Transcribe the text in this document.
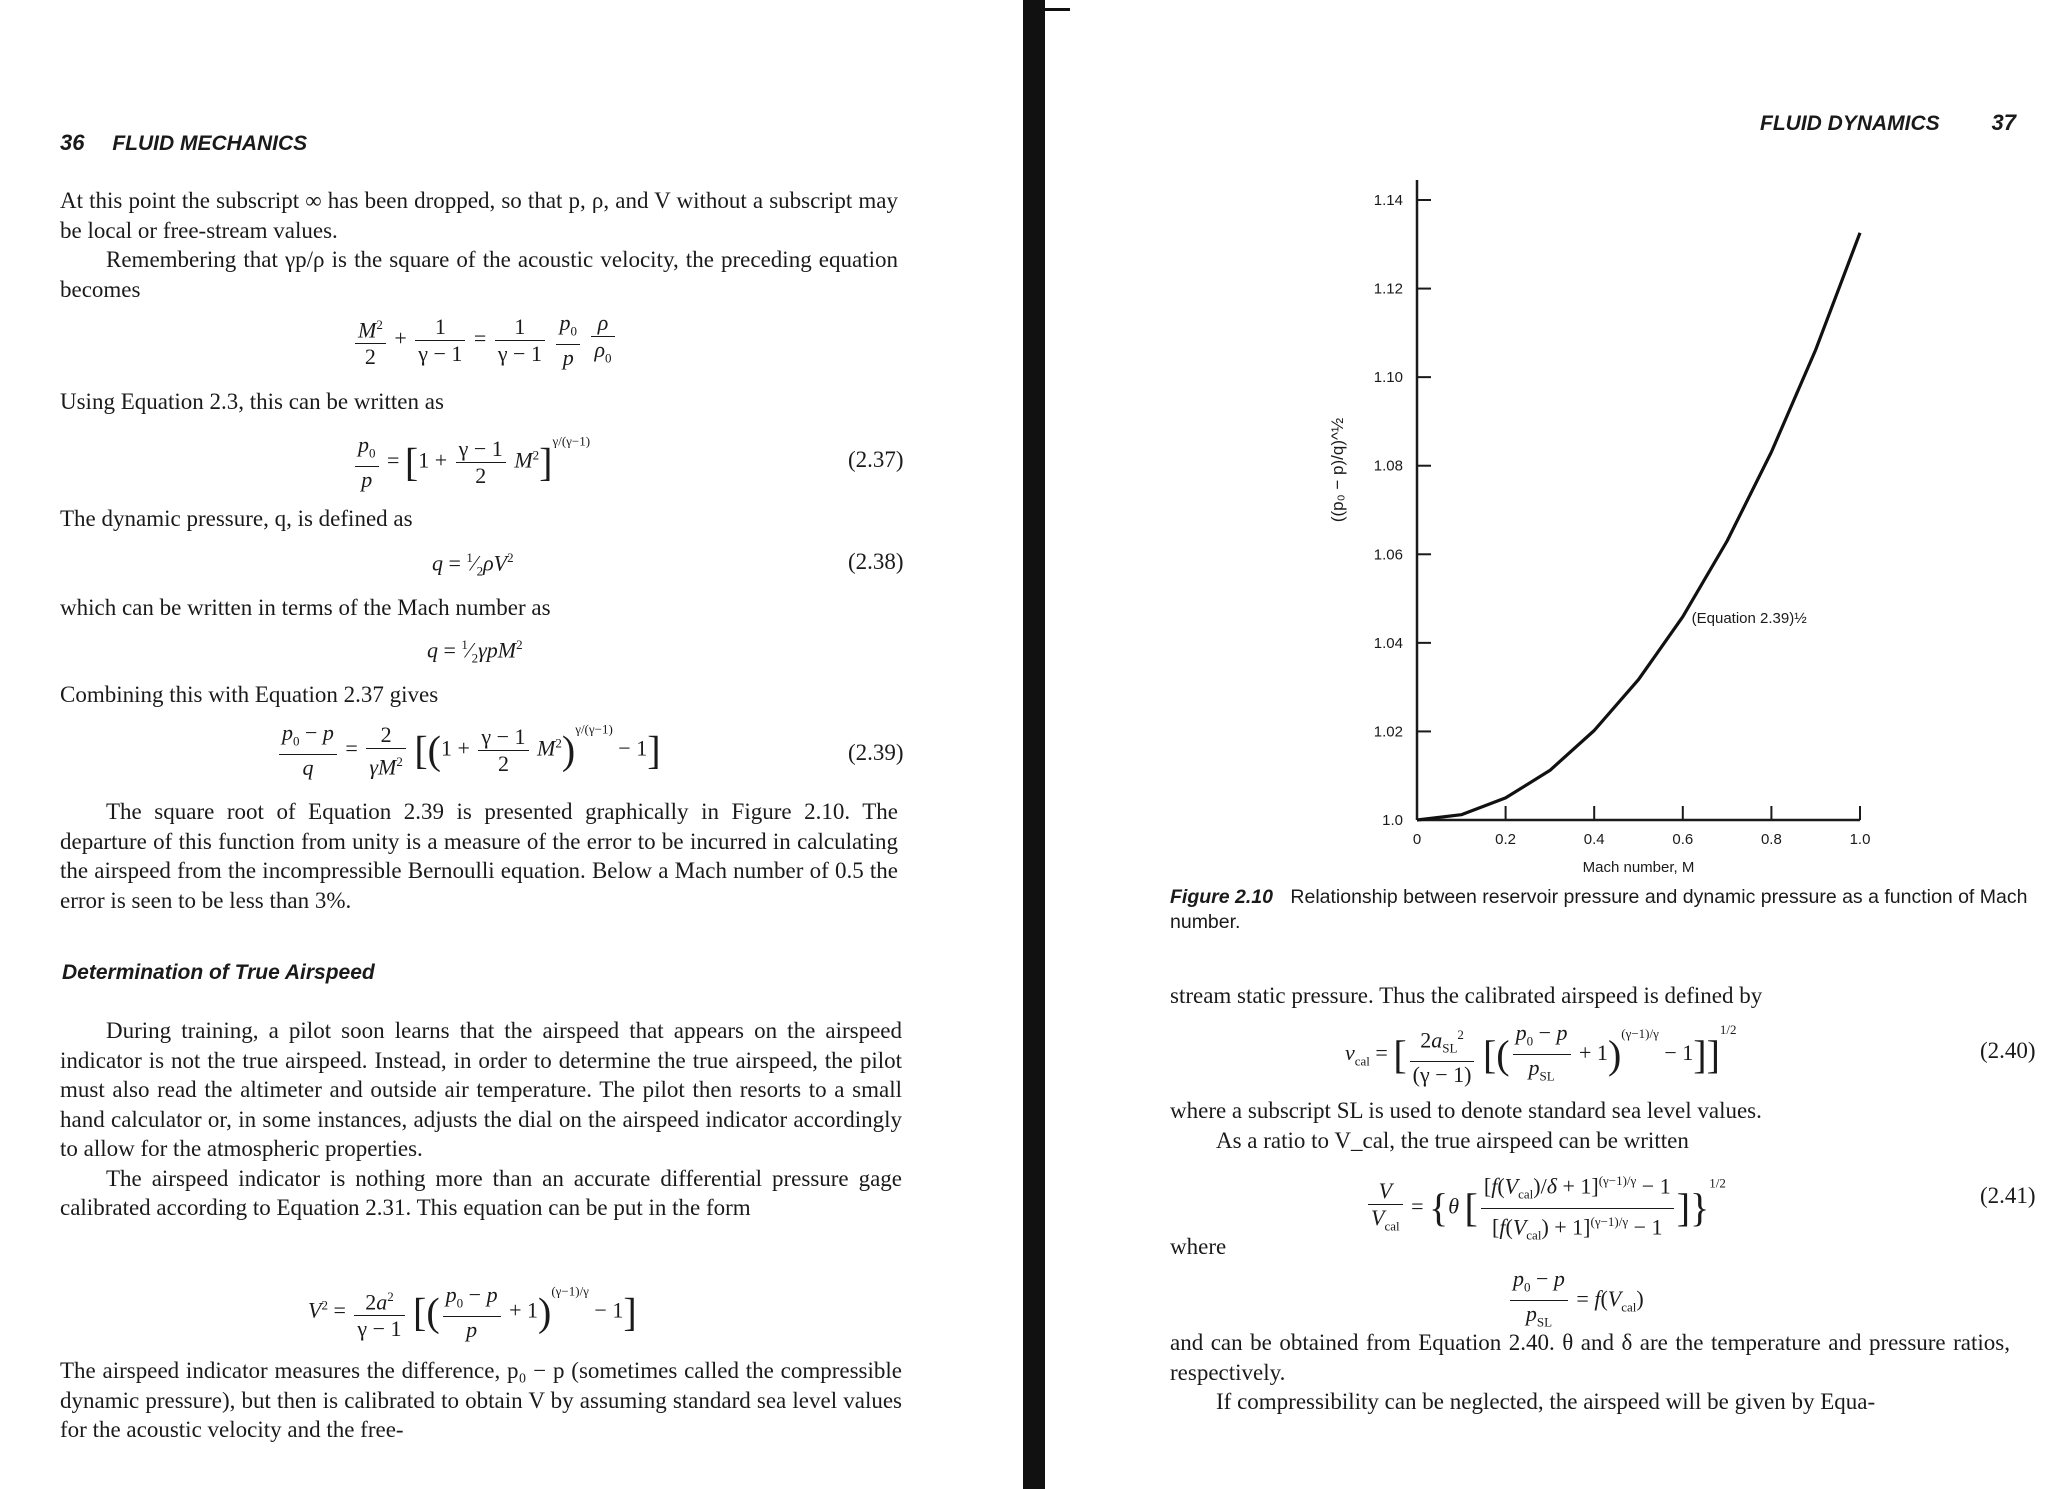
36 FLUID MECHANICS

At this point the subscript ∞ has been dropped, so that p, ρ, and V without a subscript may be local or free-stream values.

Remembering that γp/ρ is the square of the acoustic velocity, the preceding equation becomes

$\frac{M^2}{2} + \frac{1}{\gamma - 1} = \frac{1}{\gamma - 1}$
$\frac{p_0}{p}$
$\frac{\rho}{\rho_0}$
Using Equation 2.3, this can be written as
$\frac{p_0}{p} = [1 + \frac{\gamma - 1}{2} M^2]^{\gamma/(\gamma-1)}$
(2.37)
The dynamic pressure, q, is defined as
$q = ^1⁄_2\rho V^2$	(2.38)
which can be written in terms of the Mach number as
$q = ^1⁄_2\gamma pM^2$
Combining this with Equation 2.37 gives
$\frac{p_0 - p}{q} = \frac{2}{\gamma M^2} [(1 + \frac{\gamma - 1}{2} M^2)^{\gamma/(\gamma-1)} - 1]$	(2.39)
The square root of Equation 2.39 is presented graphically in Figure 2.10. The departure of this function from unity is a measure of the error to be incurred in calculating the airspeed from the incompressible Bernoulli equation. Below a Mach number of 0.5 the error is seen to be less than 3%.
Determination of True Airspeed

During training, a pilot soon learns that the airspeed that appears on the airspeed indicator is not the true airspeed. Instead, in order to determine the true airspeed, the pilot must also read the altimeter and outside air temperature. The pilot then resorts to a small hand calculator or, in some instances, adjusts the dial on the airspeed indicator accordingly to allow for the atmospheric properties.

The airspeed indicator is nothing more than an accurate differential pressure gage calibrated according to Equation 2.31. This equation can be put in the form

$V^2 = \frac{2a^2}{\gamma - 1}$ [( $\frac{p_0 - p}{p} + 1)^{(\gamma-1)/\gamma} - 1$]
The airspeed indicator measures the difference, p₀ − p (sometimes called the compressible dynamic pressure), but then is calibrated to obtain V by assuming standard sea level values for the acoustic velocity and the free-
FLUID DYNAMICS 37
1.0
1.02
1.04
1.06
1.08
1.10
1.12
1.14
0	0.2	0.4	0.6	0.8	1.0
Mach number, M
((p₀ − p)/q)^½
(Equation 2.39)½
Figure 2.10 Relationship between reservoir pressure and dynamic pressure as a function of Mach number.
stream static pressure. Thus the calibrated airspeed is defined by
$v_{cal}$ = [ $\frac{2a_{SL}^2}{(\gamma - 1)}$ [( $\frac{p_0 - p}{p_{SL}} + 1)^{(\gamma-1)/\gamma} - 1]]^{1/2}$
(2.40)

where a subscript SL is used to denote standard sea level values.

As a ratio to V_cal, the true airspeed can be written

$\frac{V}{V_{cal}} = \{\theta$ [ $\frac{[f(V_{cal})/\delta + 1]^{(\gamma-1)/\gamma} - 1}{[f(V_{cal}) + 1]^{(\gamma-1)/\gamma} - 1} ]\}^{1/2}$
(2.41)
where
$\frac{p_0 - p}{p_{SL}} = f(V_{cal})$

and can be obtained from Equation 2.40. θ and δ are the temperature and pressure ratios, respectively.

If compressibility can be neglected, the airspeed will be given by Equa-
